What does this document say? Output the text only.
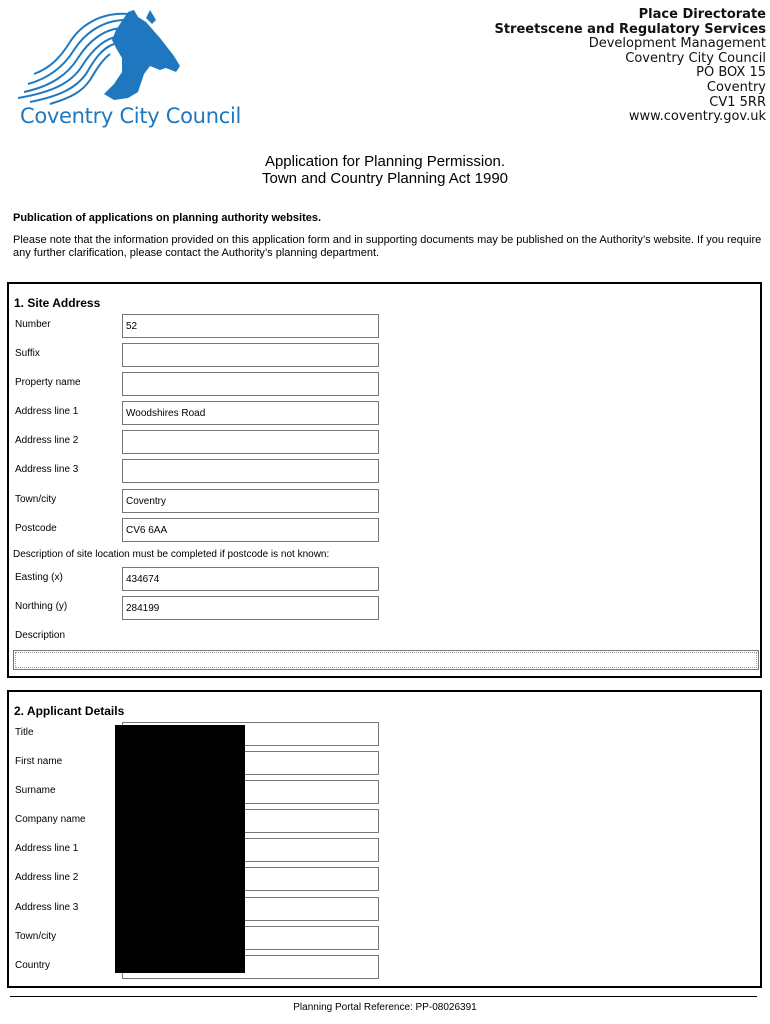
Coventry City Council
Place Directorate
Streetscene and Regulatory Services
Development Management
Coventry City Council
PO BOX 15
Coventry
CV1 5RR
www.coventry.gov.uk
Application for Planning Permission.
Town and Country Planning Act 1990
Publication of applications on planning authority websites.
Please note that the information provided on this application form and in supporting documents may be published on the Authority’s website. If you require any further clarification, please contact the Authority’s planning department.
1. Site Address
Number	52
Suffix
Property name
Address line 1	Woodshires Road
Address line 2
Address line 3
Town/city	Coventry
Postcode	CV6 6AA
Description of site location must be completed if postcode is not known:
Easting (x)	434674
Northing (y)	284199
Description
2. Applicant Details
Title
First name
Surname
Company name
Address line 1
Address line 2
Address line 3
Town/city
Country
Planning Portal Reference: PP-08026391
